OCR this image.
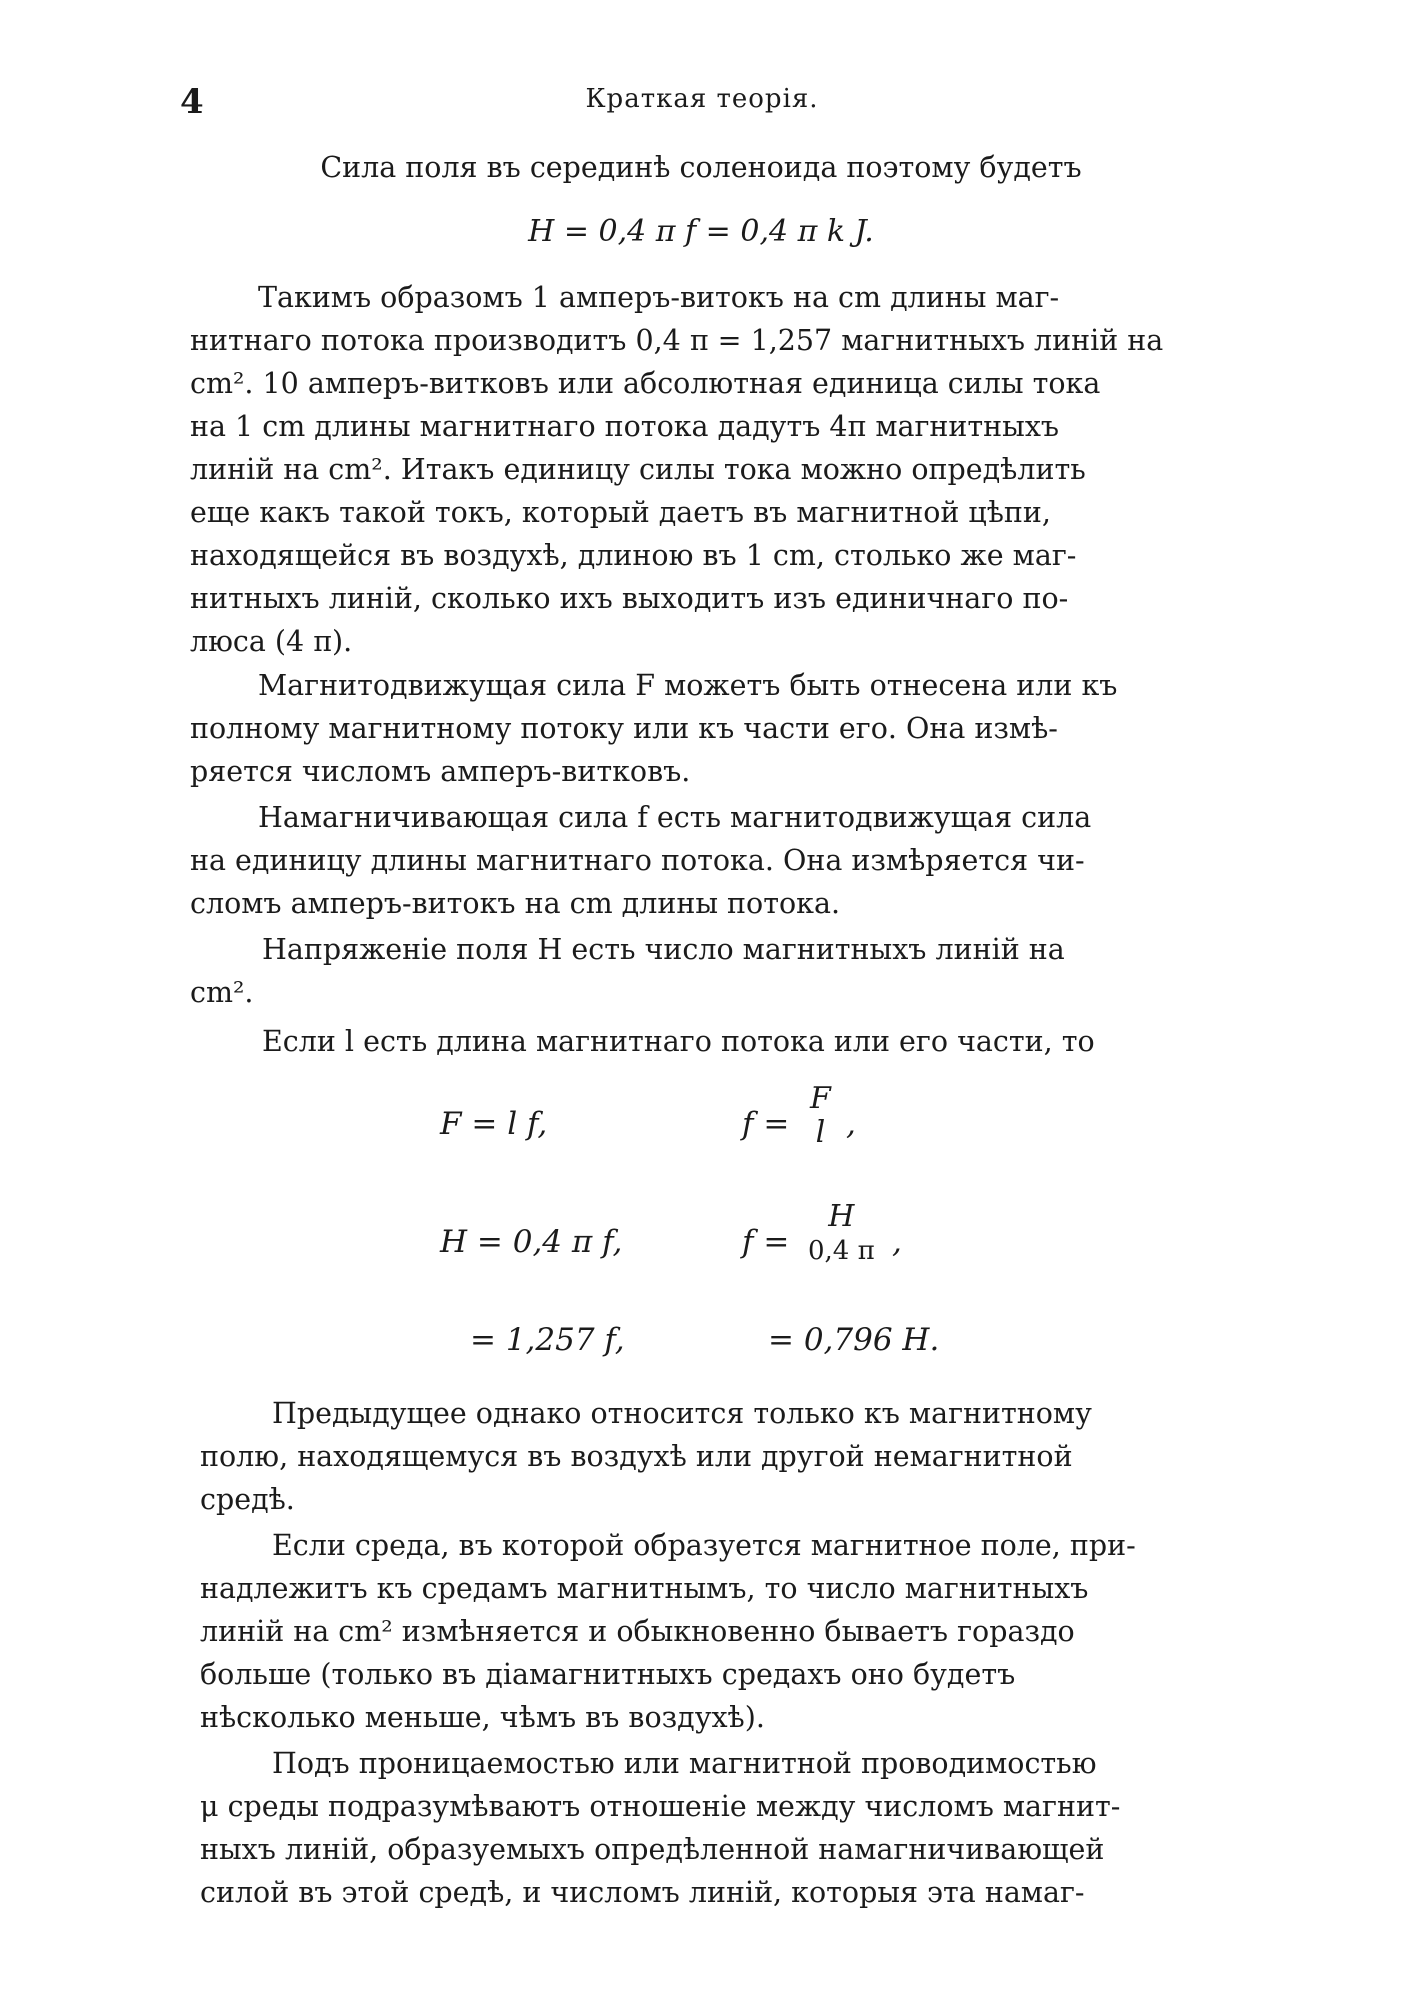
4	Краткая теорія.
Сила поля въ серединѣ соленоида поэтому будетъ
H = 0,4 π f = 0,4 π k J.
Такимъ образомъ 1 амперъ-витокъ на cm длины маг-
нитнаго потока производитъ 0,4 π = 1,257 магнитныхъ линій на
cm². 10 амперъ-витковъ или абсолютная единица силы тока
на 1 cm длины магнитнаго потока дадутъ 4π магнитныхъ
линій на cm². Итакъ единицу силы тока можно опредѣлить
еще какъ такой токъ, который даетъ въ магнитной цѣпи,
находящейся въ воздухѣ, длиною въ 1 cm, столько же маг-
нитныхъ линій, сколько ихъ выходитъ изъ единичнаго по-
люса (4 π).
Магнитодвижущая сила F можетъ быть отнесена или къ
полному магнитному потоку или къ части его. Она измѣ-
ряется числомъ амперъ-витковъ.
Намагничивающая сила f есть магнитодвижущая сила
на единицу длины магнитнаго потока. Она измѣряется чи-
сломъ амперъ-витокъ на cm длины потока.
Напряженіе поля H есть число магнитныхъ линій на
cm².
Если l есть длина магнитнаго потока или его части, то
F = l f,	f =
F
l ,
H = 0,4 π f,	f =
H
0,4 π ,
= 1,257 f,	= 0,796 H.
Предыдущее однако относится только къ магнитному
полю, находящемуся въ воздухѣ или другой немагнитной
средѣ.
Если среда, въ которой образуется магнитное поле, при-
надлежитъ къ средамъ магнитнымъ, то число магнитныхъ
линій на cm² измѣняется и обыкновенно бываетъ гораздо
больше (только въ діамагнитныхъ средахъ оно будетъ
нѣсколько меньше, чѣмъ въ воздухѣ).
Подъ проницаемостью или магнитной проводимостью
μ среды подразумѣваютъ отношеніе между числомъ магнит-
ныхъ линій, образуемыхъ опредѣленной намагничивающей
силой въ этой средѣ, и числомъ линій, которыя эта намаг-
